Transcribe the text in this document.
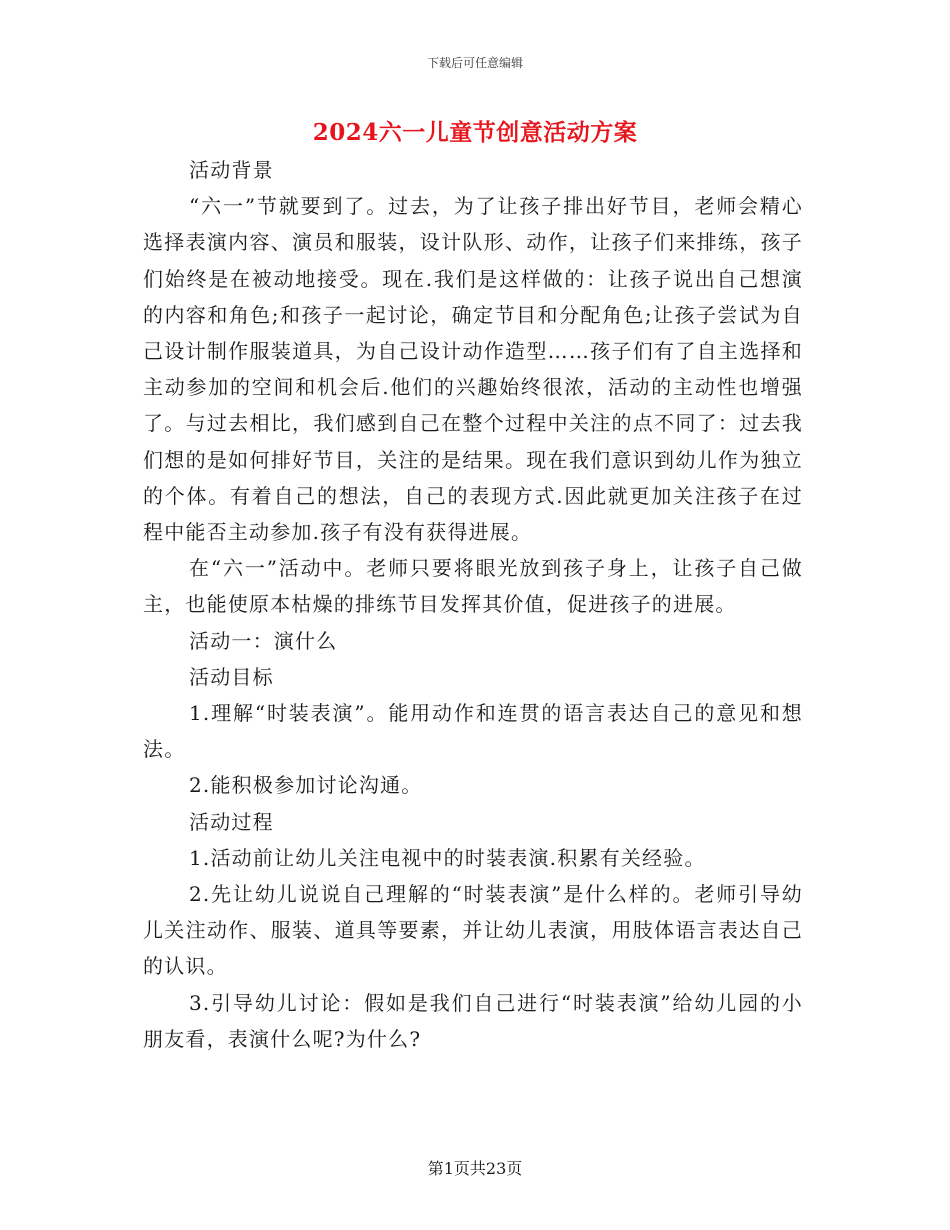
下载后可任意编辑
2024六一儿童节创意活动方案

活动背景

“六一”节就要到了。过去，为了让孩子排出好节目，老师会精心选择表演内容、演员和服装，设计队形、动作，让孩子们来排练，孩子们始终是在被动地接受。现在.我们是这样做的：让孩子说出自己想演的内容和角色;和孩子一起讨论，确定节目和分配角色;让孩子尝试为自己设计制作服装道具，为自己设计动作造型……孩子们有了自主选择和主动参加的空间和机会后.他们的兴趣始终很浓，活动的主动性也增强了。与过去相比，我们感到自己在整个过程中关注的点不同了：过去我们想的是如何排好节目，关注的是结果。现在我们意识到幼儿作为独立的个体。有着自己的想法，自己的表现方式.因此就更加关注孩子在过程中能否主动参加.孩子有没有获得进展。

在“六一”活动中。老师只要将眼光放到孩子身上，让孩子自己做主，也能使原本枯燥的排练节目发挥其价值，促进孩子的进展。

活动一：演什么

活动目标

1.理解“时装表演”。能用动作和连贯的语言表达自己的意见和想法。

2.能积极参加讨论沟通。

活动过程

1.活动前让幼儿关注电视中的时装表演.积累有关经验。

2.先让幼儿说说自己理解的“时装表演”是什么样的。老师引导幼儿关注动作、服装、道具等要素，并让幼儿表演，用肢体语言表达自己的认识。

3.引导幼儿讨论：假如是我们自己进行“时装表演”给幼儿园的小朋友看，表演什么呢?为什么?

第1页共23页
